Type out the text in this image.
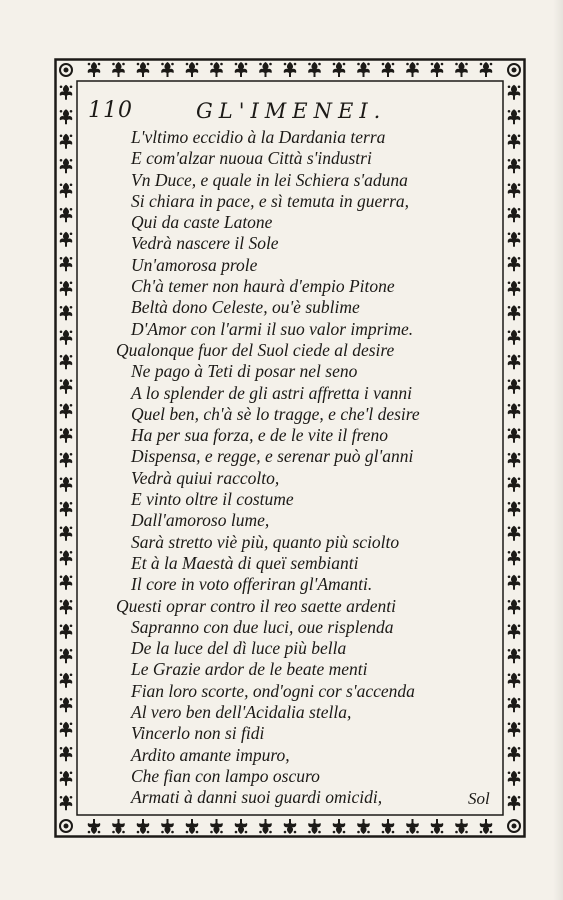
110	GL'IMENEI.
L'vltimo eccidio à la Dardania terra
E com'alzar nuoua Città s'industri
Vn Duce, e quale in lei Schiera s'aduna
Si chiara in pace, e sì temuta in guerra,
Qui da caste Latone
Vedrà nascere il Sole
Un'amorosa prole
Ch'à temer non haurà d'empio Pitone
Beltà dono Celeste, ou'è sublime
D'Amor con l'armi il suo valor imprime.
Qualonque fuor del Suol ciede al desire
Ne pago à Teti di posar nel seno
A lo splender de gli astri affretta i vanni
Quel ben, ch'à sè lo tragge, e che'l desire
Ha per sua forza, e de le vite il freno
Dispensa, e regge, e serenar può gl'anni
Vedrà quiui raccolto,
E vinto oltre il costume
Dall'amoroso lume,
Sarà stretto viè più, quanto più sciolto
Et à la Maestà di queï sembianti
Il core in voto offeriran gl'Amanti.
Questi oprar contro il reo saette ardenti
Sapranno con due luci, oue risplenda
De la luce del dì luce più bella
Le Grazie ardor de le beate menti
Fian loro scorte, ond'ogni cor s'accenda
Al vero ben dell'Acidalia stella,
Vincerlo non si fidi
Ardito amante impuro,
Che fian con lampo oscuro
Armati à danni suoi guardi omicidi,	Sol
